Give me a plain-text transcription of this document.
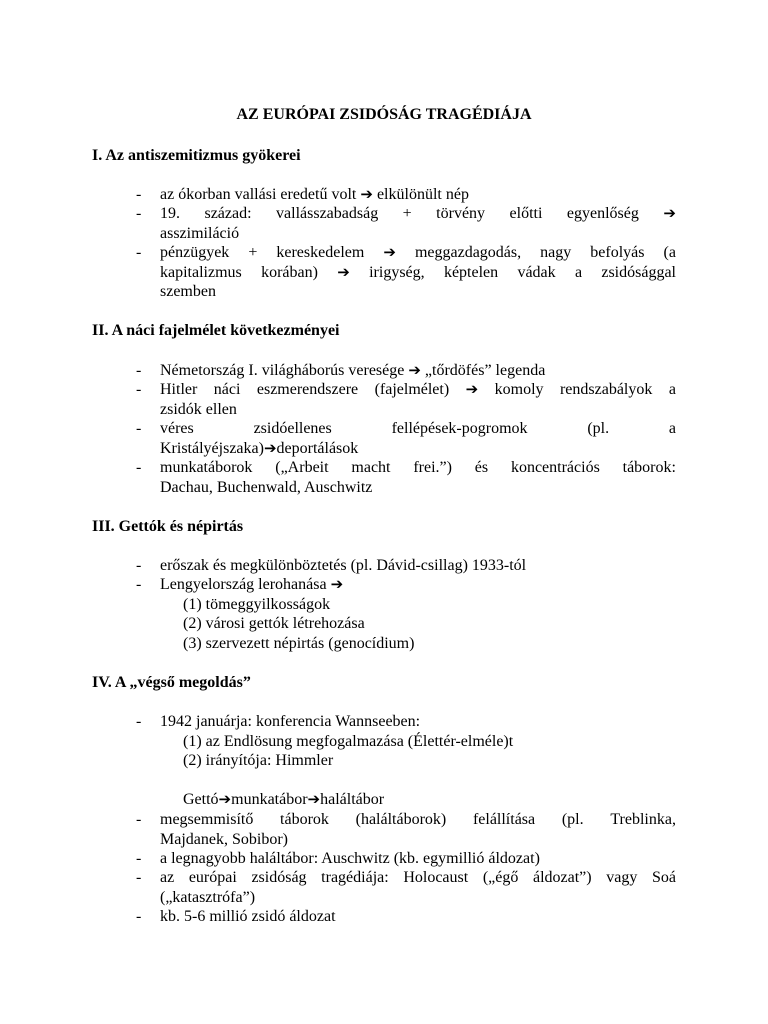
AZ EURÓPAI ZSIDÓSÁG TRAGÉDIÁJA
I. Az antiszemitizmus gyökerei
- az ókorban vallási eredetű volt ➔ elkülönült nép
- 19. század: vallásszabadság + törvény előtti egyenlőség ➔
asszimiláció
- pénzügyek + kereskedelem ➔ meggazdagodás, nagy befolyás (a
kapitalizmus korában) ➔ irigység, képtelen vádak a zsidósággal
szemben
II. A náci fajelmélet következményei
- Németország I. világháborús veresége ➔ „tőrdöfés” legenda
- Hitler náci eszmerendszere (fajelmélet) ➔ komoly rendszabályok a
zsidók ellen
- véres	zsidóellenes	fellépések-pogromok	(pl.	a
Kristályéjszaka)➔deportálások
- munkatáborok („Arbeit macht frei.”) és koncentrációs táborok:
Dachau, Buchenwald, Auschwitz
III. Gettók és népirtás
- erőszak és megkülönböztetés (pl. Dávid-csillag) 1933-tól
- Lengyelország lerohanása ➔
(1) tömeggyilkosságok
(2) városi gettók létrehozása
(3) szervezett népirtás (genocídium)
IV. A „végső megoldás”
- 1942 januárja: konferencia Wannseeben:
(1) az Endlösung megfogalmazása (Élettér-elméle)t
(2) irányítója: Himmler
Gettó➔munkatábor➔haláltábor
- megsemmisítő táborok (haláltáborok) felállítása (pl. Treblinka,
Majdanek, Sobibor)
- a legnagyobb haláltábor: Auschwitz (kb. egymillió áldozat)
- az európai zsidóság tragédiája: Holocaust („égő áldozat”) vagy Soá
(„katasztrófa”)
- kb. 5-6 millió zsidó áldozat
